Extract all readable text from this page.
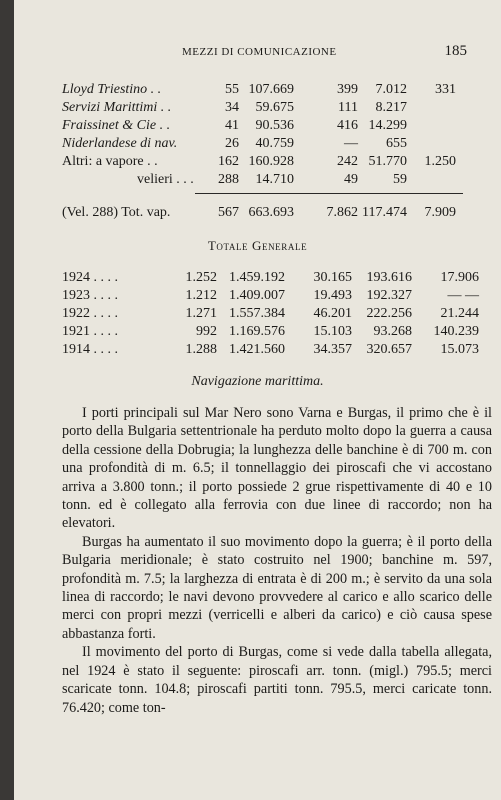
MEZZI DI COMUNICAZIONE	185
Lloyd Triestino . .	55 107.669	399 7.012 331
Servizi Marittimi . .	34 59.675	111 8.217
Fraissinet & Cie . .	41 90.536	416 14.299
Niderlandese di nav.	26 40.759	— 655
Altri: a vapore . .	162 160.928	242 51.770 1.250
velieri . . . 288 14.710	49	59
(Vel. 288) Tot. vap.	567 663.693 7.862 117.474 7.909
Totale Generale
1924 . . . .	1.252 1.459.192 30.165 193.616 17.906
1923 . . . .	1.212 1.409.007 19.493 192.327	— —
1922 . . . .	1.271 1.557.384 46.201 222.256 21.244
1921 . . . .	992 1.169.576 15.103 93.268 140.239
1914 . . . .	1.288 1.421.560 34.357 320.657 15.073
Navigazione marittima.

I porti principali sul Mar Nero sono Varna e Burgas, il primo che è il porto della Bulgaria settentrionale ha perduto molto dopo la guerra a causa della cessione della Dobrugia; la lunghezza delle banchine è di 700 m. con una profondità di m. 6.5; il tonnellaggio dei piroscafi che vi accostano arriva a 3.800 tonn.; il porto possiede 2 grue rispettivamente di 40 e 10 tonn. ed è collegato alla ferrovia con due linee di raccordo; non ha elevatori.

Burgas ha aumentato il suo movimento dopo la guerra; è il porto della Bulgaria meridionale; è stato costruito nel 1900; banchine m. 597, profondità m. 7.5; la larghezza di entrata è di 200 m.; è servito da una sola linea di raccordo; le navi devono provvedere al carico e allo scarico delle merci con propri mezzi (verricelli e alberi da carico) e ciò causa spese abbastanza forti.

Il movimento del porto di Burgas, come si vede dalla tabella allegata, nel 1924 è stato il seguente: piroscafi arr. tonn. (migl.) 795.5; merci scaricate tonn. 104.8; piroscafi partiti tonn. 795.5, merci caricate tonn. 76.420; come ton-
